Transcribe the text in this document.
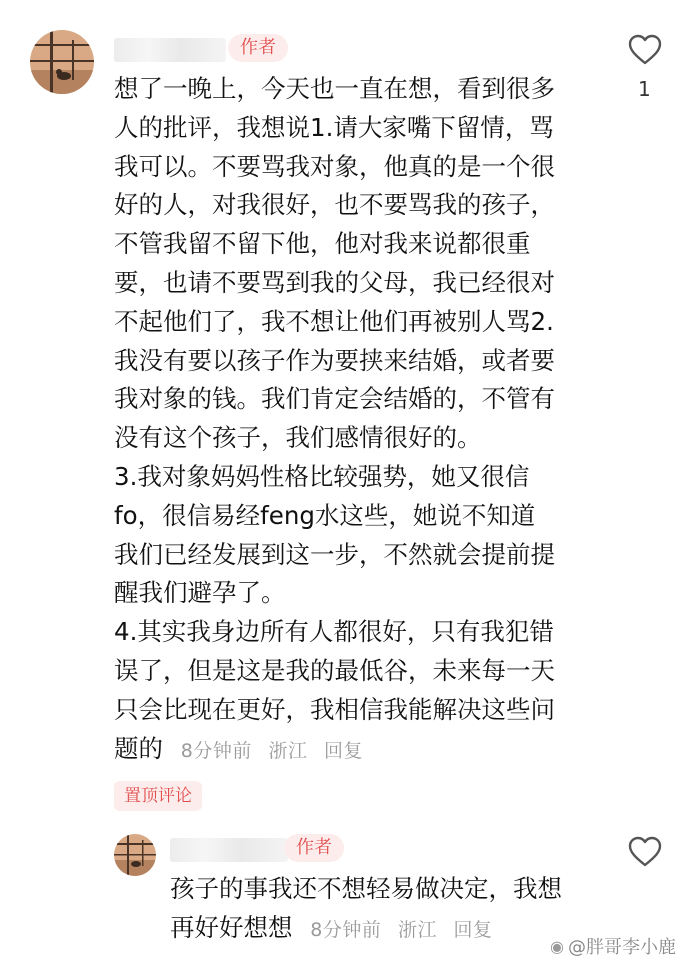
作者
1
想了一晚上，今天也一直在想，看到很多
人的批评，我想说1.请大家嘴下留情，骂
我可以。不要骂我对象，他真的是一个很
好的人，对我很好，也不要骂我的孩子，
不管我留不留下他，他对我来说都很重
要，也请不要骂到我的父母，我已经很对
不起他们了，我不想让他们再被别人骂2.
我没有要以孩子作为要挟来结婚，或者要
我对象的钱。我们肯定会结婚的，不管有
没有这个孩子，我们感情很好的。
3.我对象妈妈性格比较强势，她又很信
fo，很信易经feng水这些，她说不知道
我们已经发展到这一步，不然就会提前提
醒我们避孕了。
4.其实我身边所有人都很好，只有我犯错
误了，但是这是我的最低谷，未来每一天
只会比现在更好，我相信我能解决这些问
题的 8分钟前 浙江 回复
置顶评论
作者
孩子的事我还不想轻易做决定，我想
再好好想想 8分钟前 浙江 回复
◉ @胖哥李小鹿
